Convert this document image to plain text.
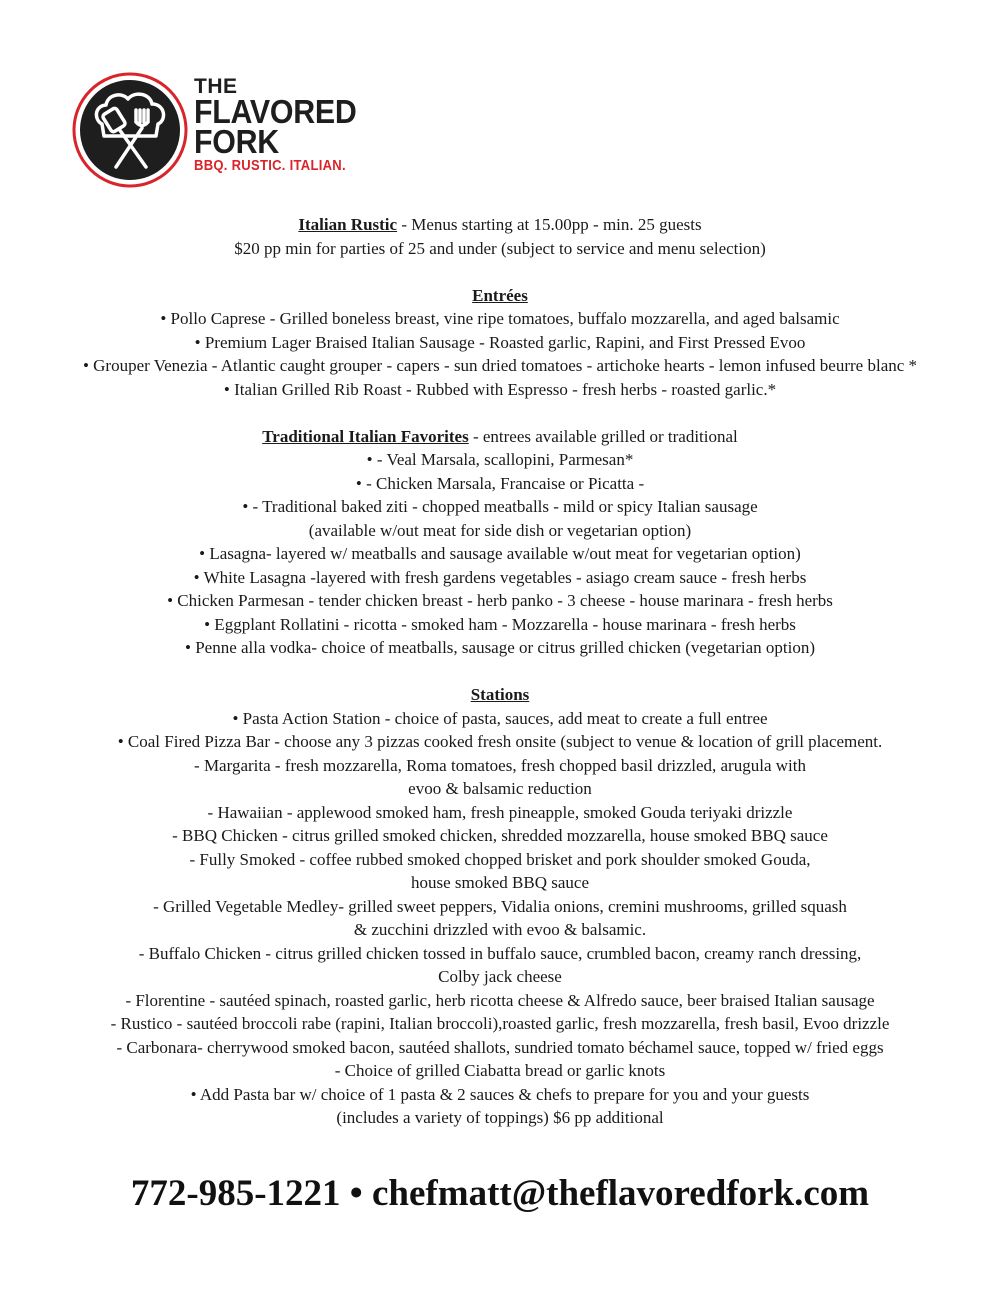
THE
FLAVORED
FORK
BBQ. RUSTIC. ITALIAN.
Italian Rustic - Menus starting at 15.00pp - min. 25 guests
$20 pp min for parties of 25 and under (subject to service and menu selection)
Entrées
• Pollo Caprese - Grilled boneless breast, vine ripe tomatoes, buffalo mozzarella, and aged balsamic
• Premium Lager Braised Italian Sausage - Roasted garlic, Rapini, and First Pressed Evoo
• Grouper Venezia - Atlantic caught grouper - capers - sun dried tomatoes - artichoke hearts - lemon infused beurre blanc *
• Italian Grilled Rib Roast - Rubbed with Espresso - fresh herbs - roasted garlic.*
Traditional Italian Favorites - entrees available grilled or traditional
• - Veal Marsala, scallopini, Parmesan*
• - Chicken Marsala, Francaise or Picatta -
• - Traditional baked ziti - chopped meatballs - mild or spicy Italian sausage
(available w/out meat for side dish or vegetarian option)
• Lasagna- layered w/ meatballs and sausage available w/out meat for vegetarian option)
• White Lasagna -layered with fresh gardens vegetables - asiago cream sauce - fresh herbs
• Chicken Parmesan - tender chicken breast - herb panko - 3 cheese - house marinara - fresh herbs
• Eggplant Rollatini - ricotta - smoked ham - Mozzarella - house marinara - fresh herbs
• Penne alla vodka- choice of meatballs, sausage or citrus grilled chicken (vegetarian option)
Stations
• Pasta Action Station - choice of pasta, sauces, add meat to create a full entree
• Coal Fired Pizza Bar - choose any 3 pizzas cooked fresh onsite (subject to venue & location of grill placement.
- Margarita - fresh mozzarella, Roma tomatoes, fresh chopped basil drizzled, arugula with
evoo & balsamic reduction
- Hawaiian - applewood smoked ham, fresh pineapple, smoked Gouda teriyaki drizzle
- BBQ Chicken - citrus grilled smoked chicken, shredded mozzarella, house smoked BBQ sauce
- Fully Smoked - coffee rubbed smoked chopped brisket and pork shoulder smoked Gouda,
house smoked BBQ sauce
- Grilled Vegetable Medley- grilled sweet peppers, Vidalia onions, cremini mushrooms, grilled squash
& zucchini drizzled with evoo & balsamic.
- Buffalo Chicken - citrus grilled chicken tossed in buffalo sauce, crumbled bacon, creamy ranch dressing,
Colby jack cheese
- Florentine - sautéed spinach, roasted garlic, herb ricotta cheese & Alfredo sauce, beer braised Italian sausage
- Rustico - sautéed broccoli rabe (rapini, Italian broccoli),roasted garlic, fresh mozzarella, fresh basil, Evoo drizzle
- Carbonara- cherrywood smoked bacon, sautéed shallots, sundried tomato béchamel sauce, topped w/ fried eggs
- Choice of grilled Ciabatta bread or garlic knots
• Add Pasta bar w/ choice of 1 pasta & 2 sauces & chefs to prepare for you and your guests
(includes a variety of toppings) $6 pp additional
772-985-1221 • chefmatt@theflavoredfork.com
